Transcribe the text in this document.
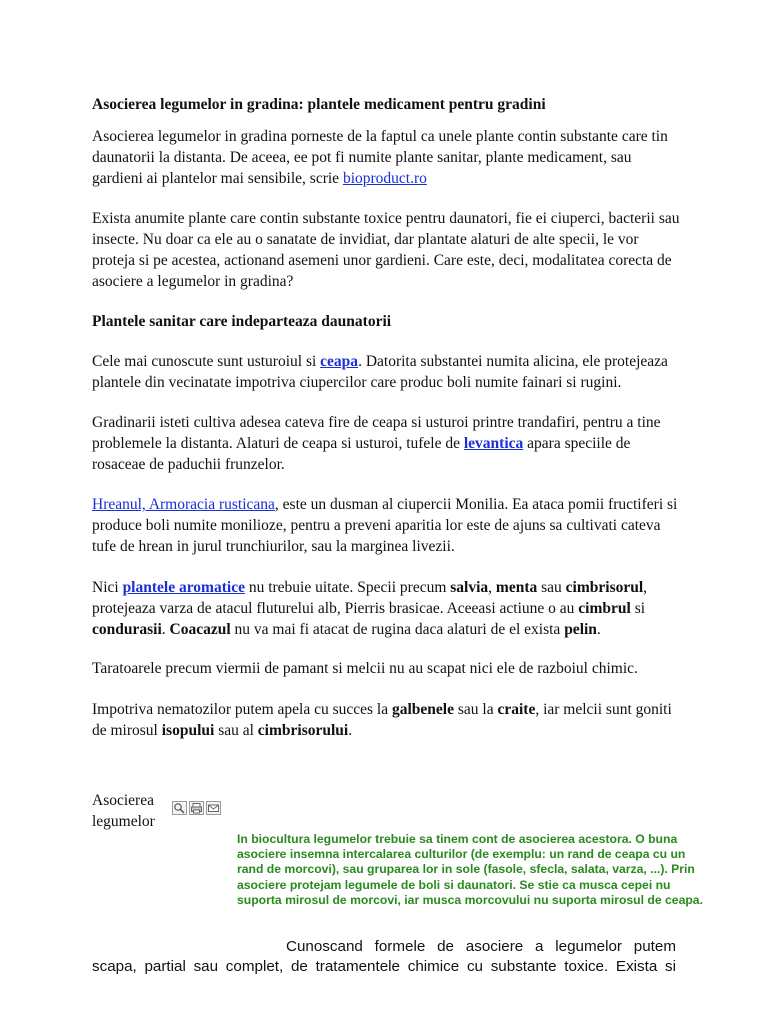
Asocierea legumelor in gradina: plantele medicament pentru gradini

Asocierea legumelor in gradina porneste de la faptul ca unele plante contin substante care tin daunatorii la distanta. De aceea, ee pot fi numite plante sanitar, plante medicament, sau gardieni ai plantelor mai sensibile, scrie bioproduct.ro

Exista anumite plante care contin substante toxice pentru daunatori, fie ei ciuperci, bacterii sau insecte. Nu doar ca ele au o sanatate de invidiat, dar plantate alaturi de alte specii, le vor proteja si pe acestea, actionand asemeni unor gardieni. Care este, deci, modalitatea corecta de asociere a legumelor in gradina?

Plantele sanitar care indeparteaza daunatorii

Cele mai cunoscute sunt usturoiul si ceapa. Datorita substantei numita alicina, ele protejeaza plantele din vecinatate impotriva ciupercilor care produc boli numite fainari si rugini.

Gradinarii isteti cultiva adesea cateva fire de ceapa si usturoi printre trandafiri, pentru a tine problemele la distanta. Alaturi de ceapa si usturoi, tufele de levantica apara speciile de rosaceae de paduchii frunzelor.

Hreanul, Armoracia rusticana, este un dusman al ciupercii Monilia. Ea ataca pomii fructiferi si produce boli numite monilioze, pentru a preveni aparitia lor este de ajuns sa cultivati cateva tufe de hrean in jurul trunchiurilor, sau la marginea livezii.

Nici plantele aromatice nu trebuie uitate. Specii precum salvia, menta sau cimbrisorul, protejeaza varza de atacul fluturelui alb, Pierris brasicae. Aceeasi actiune o au cimbrul si condurasii. Coacazul nu va mai fi atacat de rugina daca alaturi de el exista pelin.

Taratoarele precum viermii de pamant si melcii nu au scapat nici ele de razboiul chimic.

Impotriva nematozilor putem apela cu succes la galbenele sau la craite, iar melcii sunt goniti de mirosul isopului sau al cimbrisorului.

Asocierea
legumelor

In biocultura legumelor trebuie sa tinem cont de asocierea acestora. O buna asociere insemna intercalarea culturilor (de exemplu: un rand de ceapa cu un rand de morcovi), sau gruparea lor in sole (fasole, sfecla, salata, varza, ...). Prin asociere protejam legumele de boli si daunatori. Se stie ca musca cepei nu suporta mirosul de morcovi, iar musca morcovului nu suporta mirosul de ceapa.

Cunoscand formele de asociere a legumelor putem scapa, partial sau complet, de tratamentele chimice cu substante toxice. Exista si
